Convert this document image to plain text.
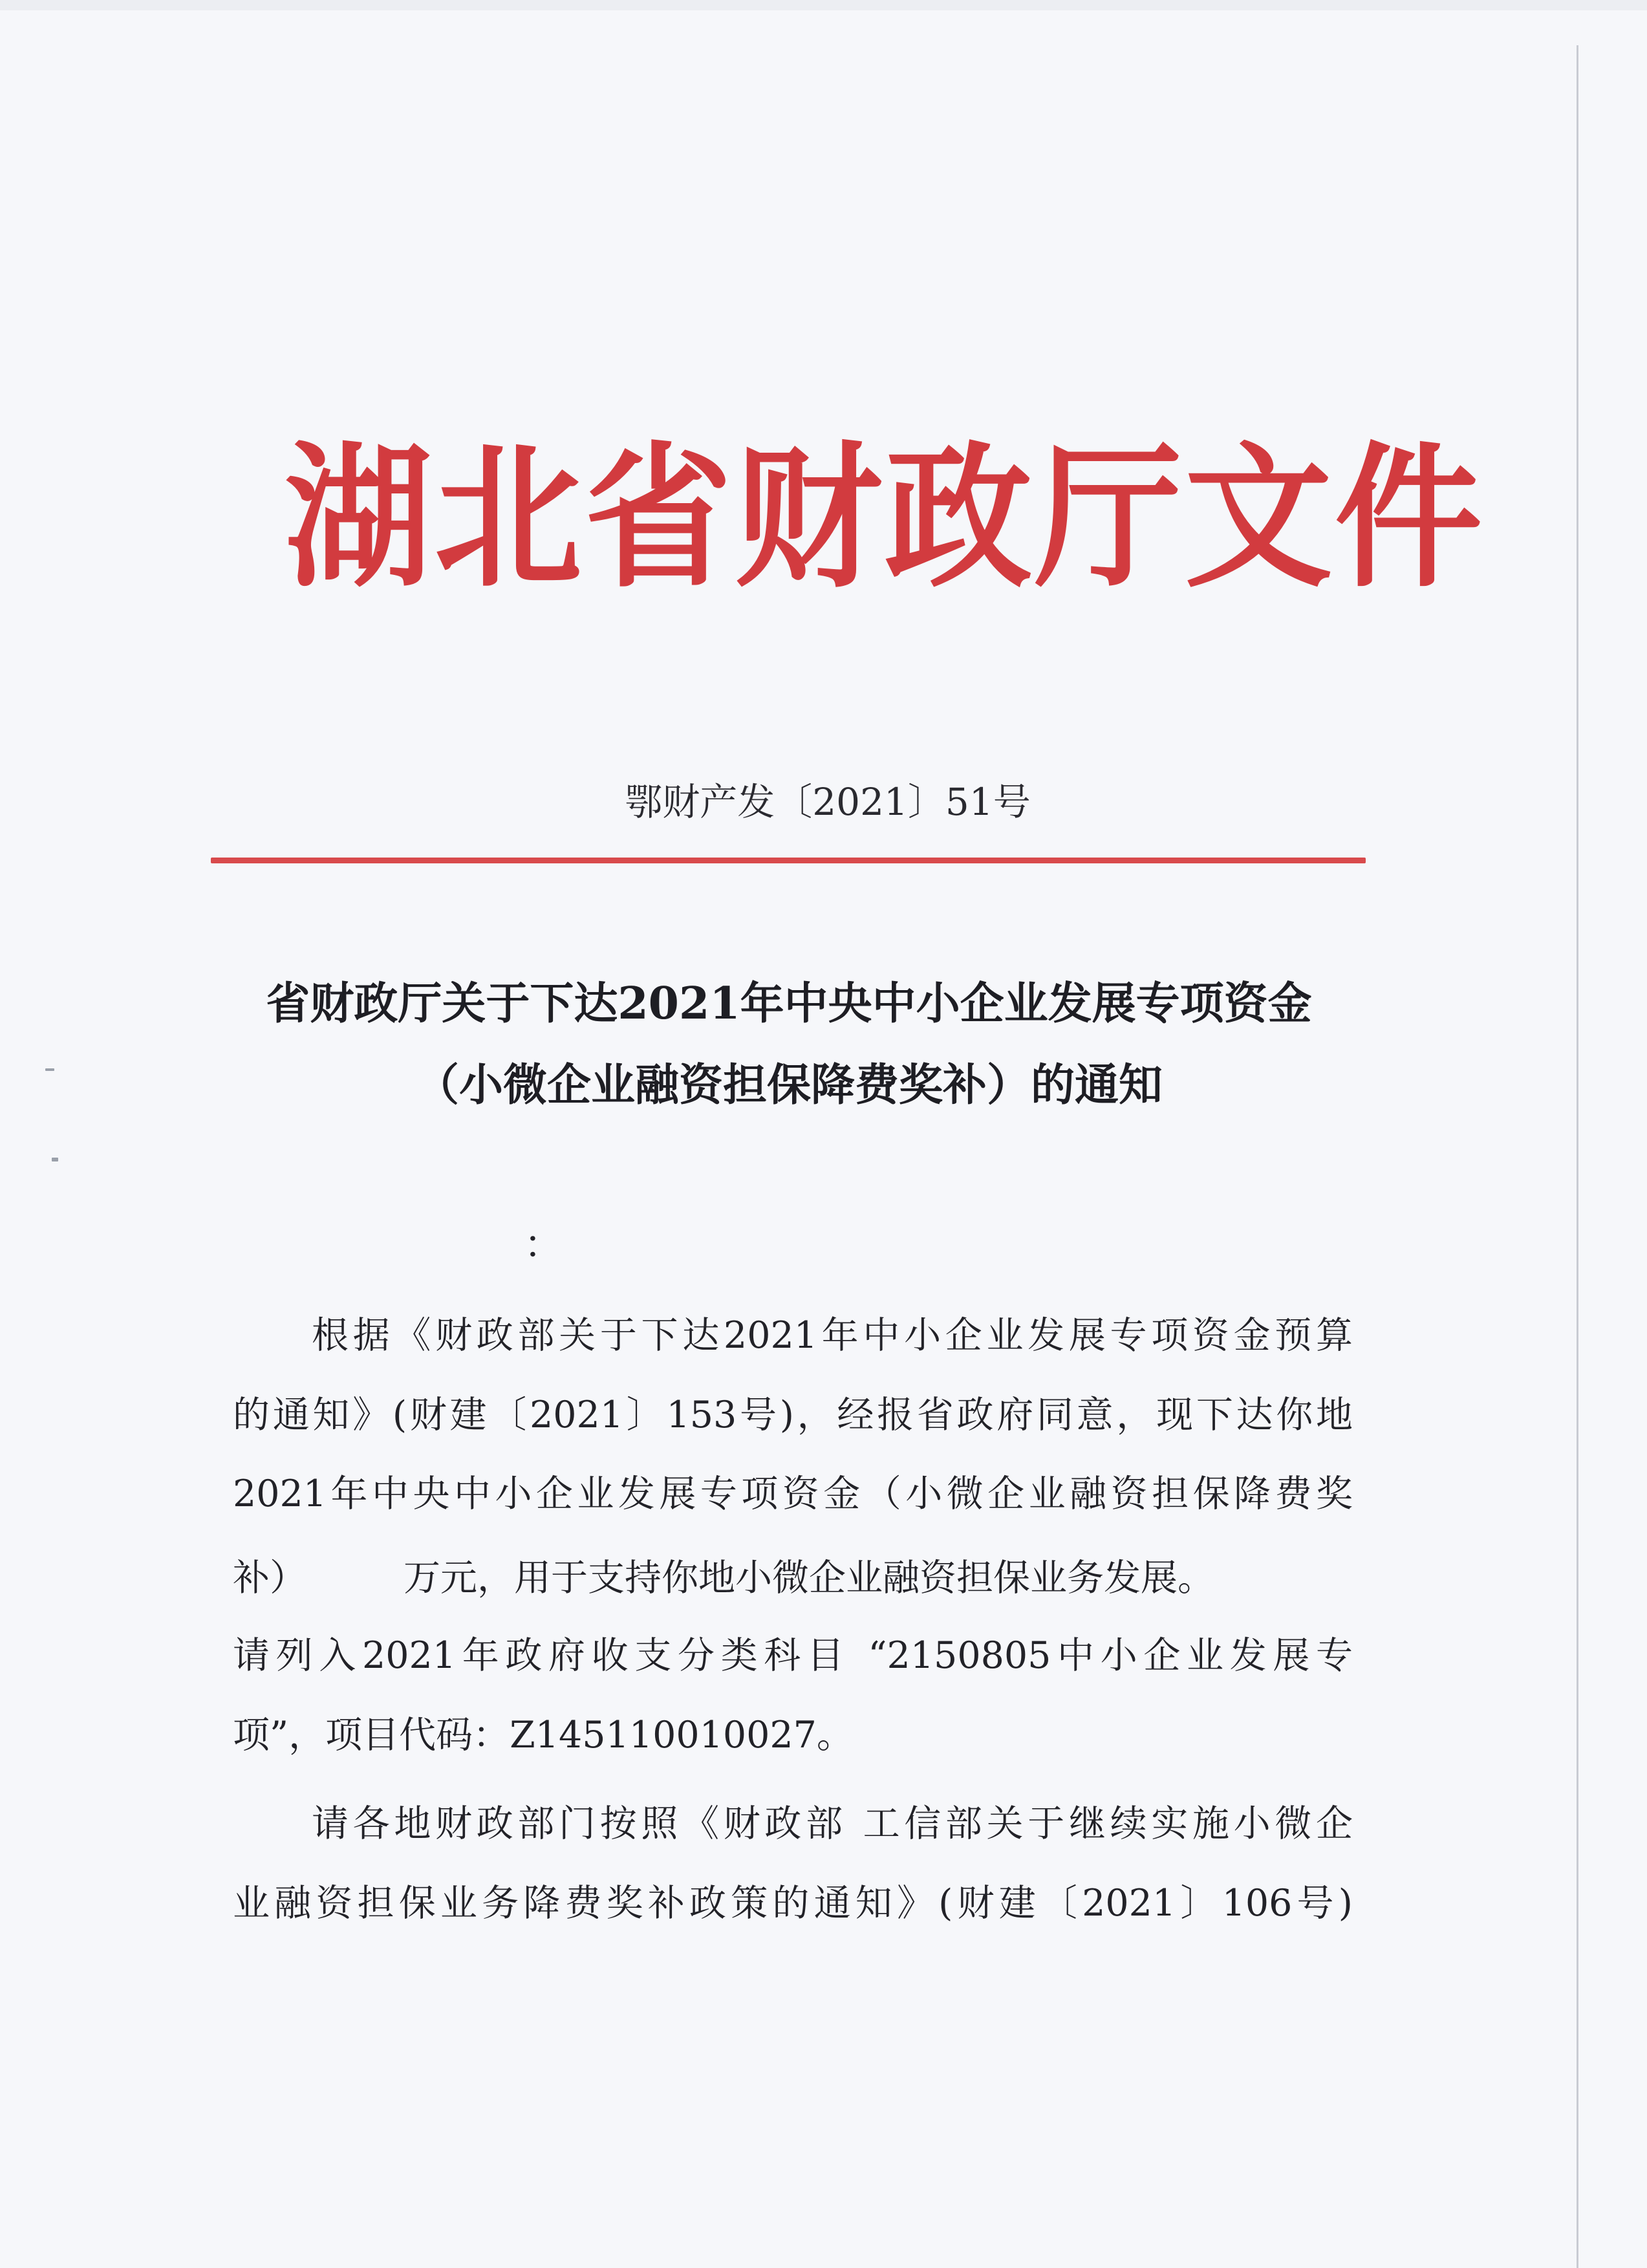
湖北省财政厅文件
鄂财产发〔2021〕51号
省财政厅关于下达2021年中央中小企业发展专项资金
（小微企业融资担保降费奖补）的通知
：
根据《财政部关于下达2021年中小企业发展专项资金预算
的通知》(财建〔2021〕153号)，经报省政府同意，现下达你地
2021年中央中小企业发展专项资金（小微企业融资担保降费奖
补）	万元，用于支持你地小微企业融资担保业务发展。
请列入2021年政府收支分类科目 “2150805中小企业发展专
项”，项目代码：Z145110010027。
请各地财政部门按照《财政部 工信部关于继续实施小微企
业融资担保业务降费奖补政策的通知》(财建〔2021〕106号)
